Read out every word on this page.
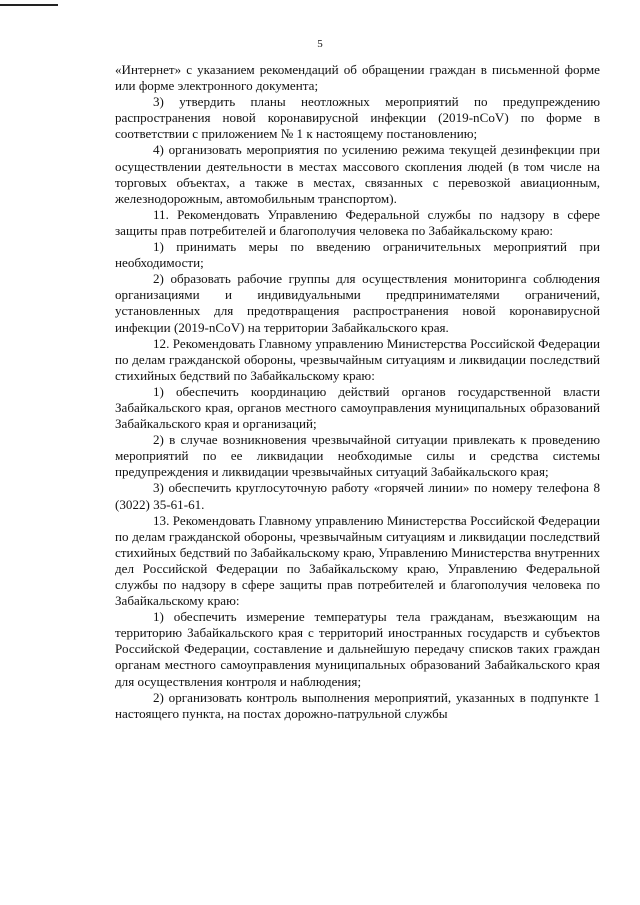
5

«Интернет» с указанием рекомендаций об обращении граждан в письменной форме или форме электронного документа;

3) утвердить планы неотложных мероприятий по предупреждению распространения новой коронавирусной инфекции (2019-nCoV) по форме в соответствии с приложением № 1 к настоящему постановлению;

4) организовать мероприятия по усилению режима текущей дезинфекции при осуществлении деятельности в местах массового скопления людей (в том числе на торговых объектах, а также в местах, связанных с перевозкой авиационным, железнодорожным, автомобильным транспортом).

11. Рекомендовать Управлению Федеральной службы по надзору в сфере защиты прав потребителей и благополучия человека по Забайкальскому краю:

1) принимать меры по введению ограничительных мероприятий при необходимости;

2) образовать рабочие группы для осуществления мониторинга соблюдения организациями и индивидуальными предпринимателями ограничений, установленных для предотвращения распространения новой коронавирусной инфекции (2019-nCoV) на территории Забайкальского края.

12. Рекомендовать Главному управлению Министерства Российской Федерации по делам гражданской обороны, чрезвычайным ситуациям и ликвидации последствий стихийных бедствий по Забайкальскому краю:

1) обеспечить координацию действий органов государственной власти Забайкальского края, органов местного самоуправления муниципальных образований Забайкальского края и организаций;

2) в случае возникновения чрезвычайной ситуации привлекать к проведению мероприятий по ее ликвидации необходимые силы и средства системы предупреждения и ликвидации чрезвычайных ситуаций Забайкальского края;

3) обеспечить круглосуточную работу «горячей линии» по номеру телефона 8 (3022) 35-61-61.

13. Рекомендовать Главному управлению Министерства Российской Федерации по делам гражданской обороны, чрезвычайным ситуациям и ликвидации последствий стихийных бедствий по Забайкальскому краю, Управлению Министерства внутренних дел Российской Федерации по Забайкальскому краю, Управлению Федеральной службы по надзору в сфере защиты прав потребителей и благополучия человека по Забайкальскому краю:

1) обеспечить измерение температуры тела гражданам, въезжающим на территорию Забайкальского края с территорий иностранных государств и субъектов Российской Федерации, составление и дальнейшую передачу списков таких граждан органам местного самоуправления муниципальных образований Забайкальского края для осуществления контроля и наблюдения;

2) организовать контроль выполнения мероприятий, указанных в подпункте 1 настоящего пункта, на постах дорожно-патрульной службы
